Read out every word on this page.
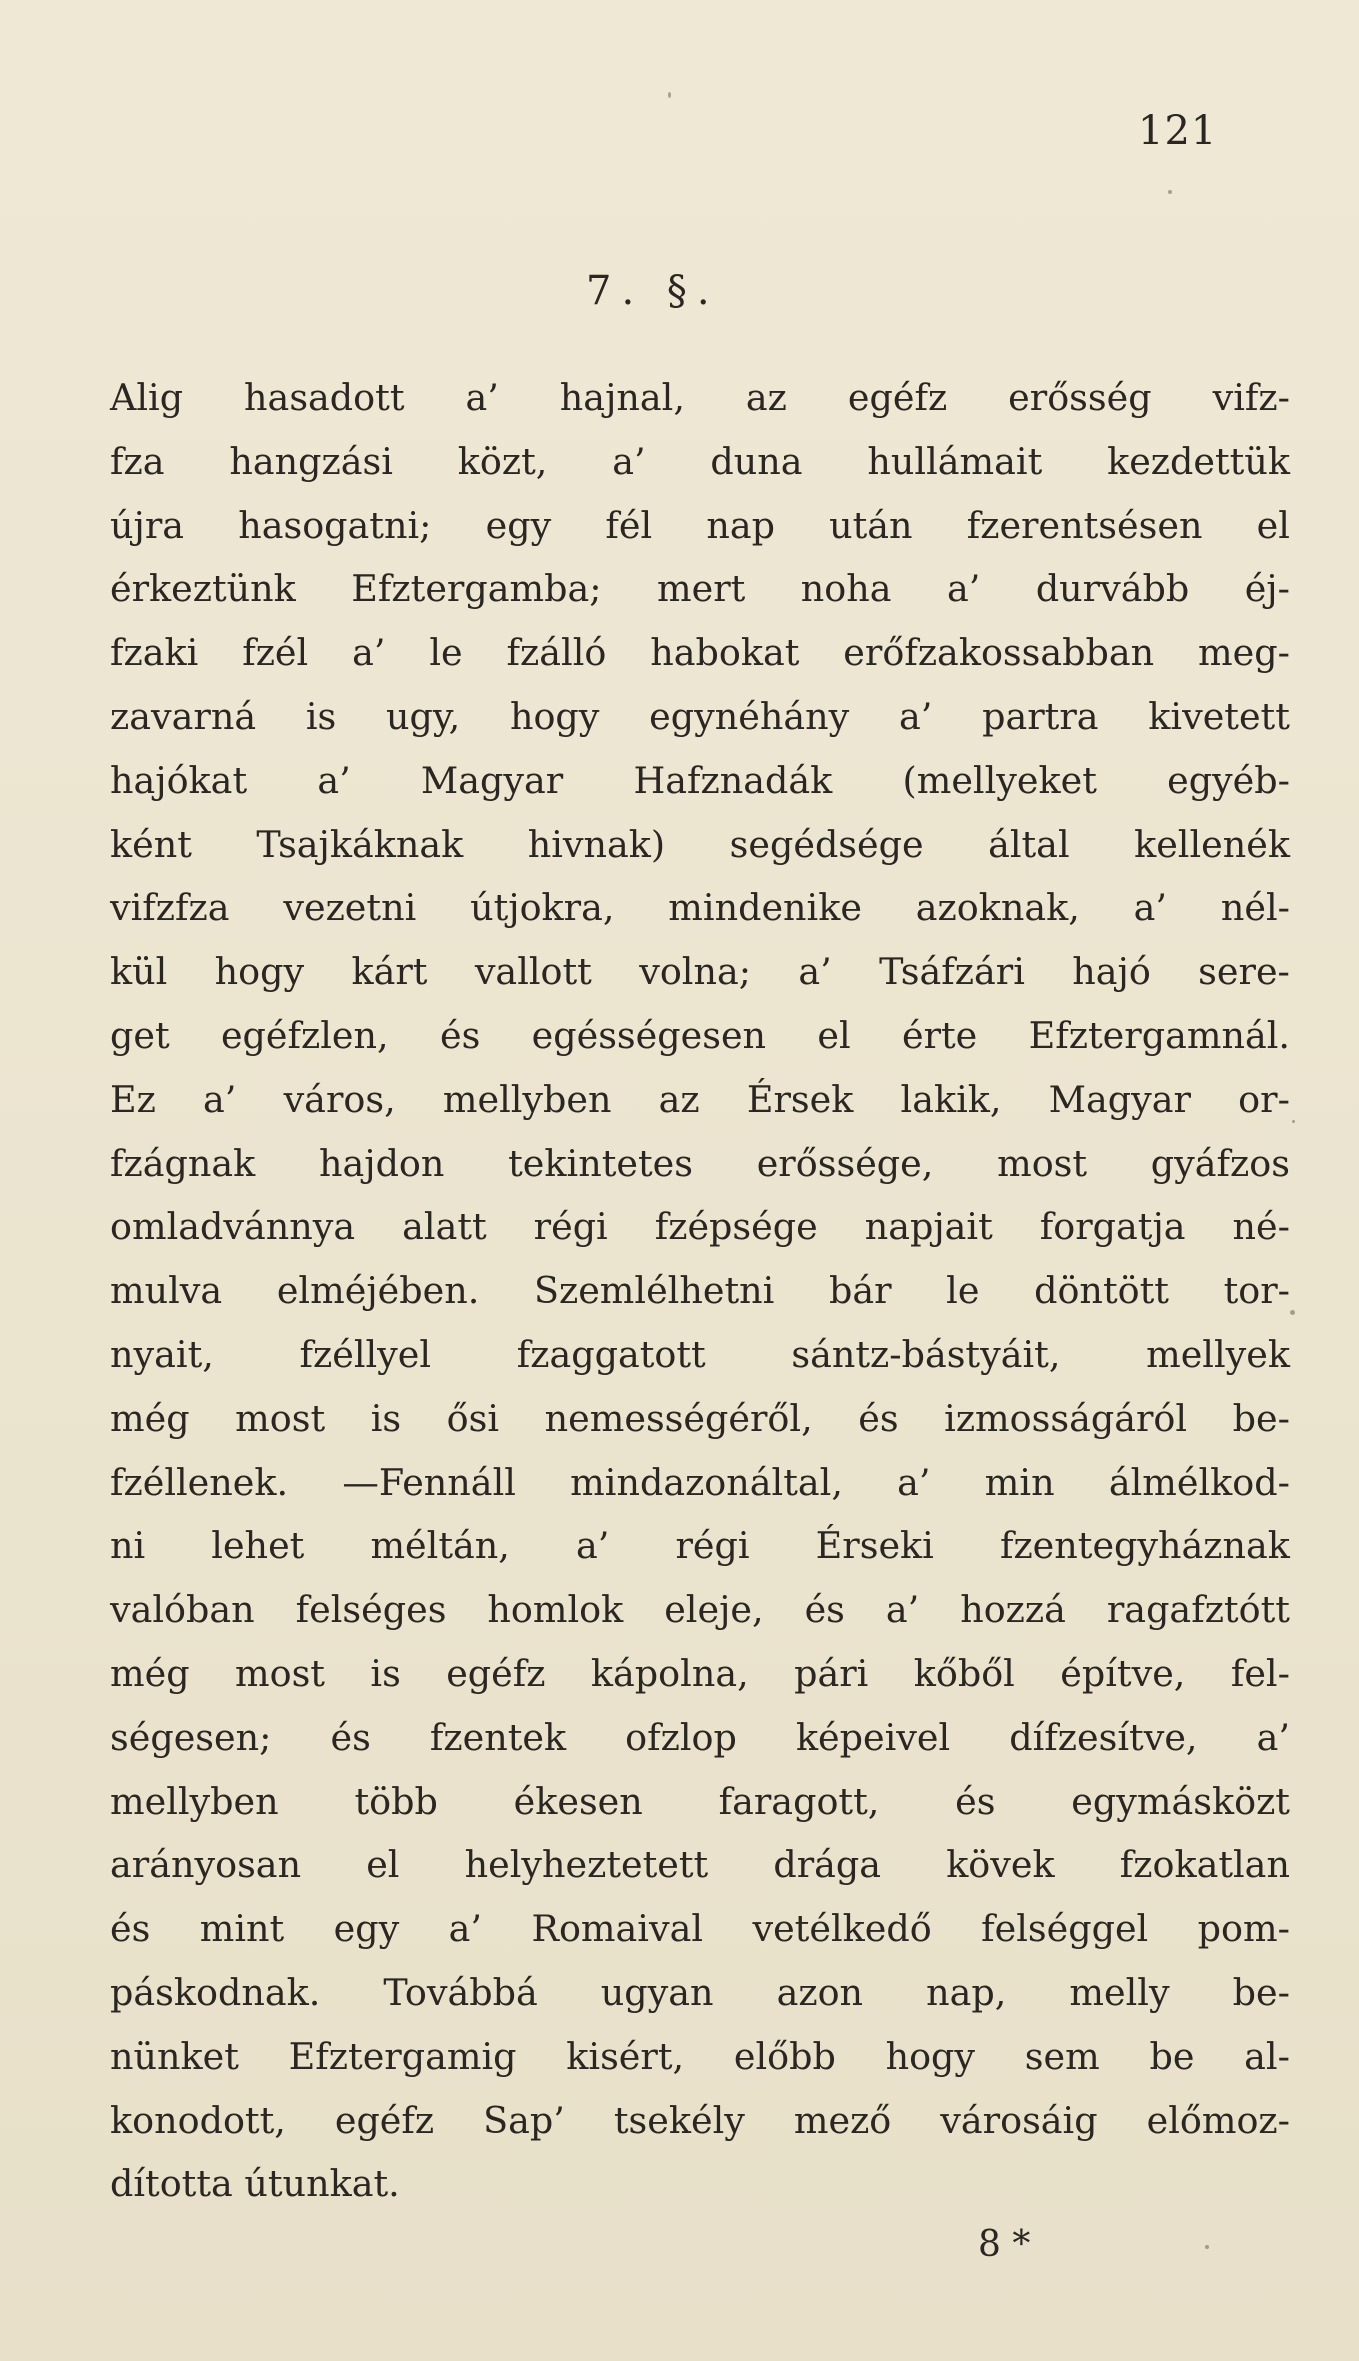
121
7. §.
Alig hasadott a’ hajnal, az egéfz erősség vifz-
fza hangzási közt, a’ duna hullámait kezdettük
újra hasogatni; egy fél nap után fzerentsésen el
érkeztünk Efztergamba; mert noha a’ durvább éj-
fzaki fzél a’ le fzálló habokat erőfzakossabban meg-
zavarná is ugy, hogy egynéhány a’ partra kivetett
hajókat a’ Magyar Hafznadák (mellyeket egyéb-
ként Tsajkáknak hivnak) segédsége által kellenék
vifzfza vezetni útjokra, mindenike azoknak, a’ nél-
kül hogy kárt vallott volna; a’ Tsáfzári hajó sere-
get egéfzlen, és egésségesen el érte Efztergamnál.
Ez a’ város, mellyben az Érsek lakik, Magyar or-
fzágnak hajdon tekintetes erőssége, most gyáfzos
omladvánnya alatt régi fzépsége napjait forgatja né-
mulva elméjében. Szemlélhetni bár le döntött tor-
nyait, fzéllyel fzaggatott sántz-bástyáit, mellyek
még most is ősi nemességéről, és izmosságáról be-
fzéllenek. —Fennáll mindazonáltal, a’ min álmélkod-
ni lehet méltán, a’ régi Érseki fzentegyháznak
valóban felséges homlok eleje, és a’ hozzá ragafztótt
még most is egéfz kápolna, pári kőből építve, fel-
ségesen; és fzentek ofzlop képeivel dífzesítve, a’
mellyben több ékesen faragott, és egymásközt
arányosan el helyheztetett drága kövek fzokatlan
és mint egy a’ Romaival vetélkedő felséggel pom-
páskodnak. Továbbá ugyan azon nap, melly be-
nünket Efztergamig kisért, előbb hogy sem be al-
konodott, egéfz Sap’ tsekély mező városáig előmoz-
dította útunkat.
8 *
